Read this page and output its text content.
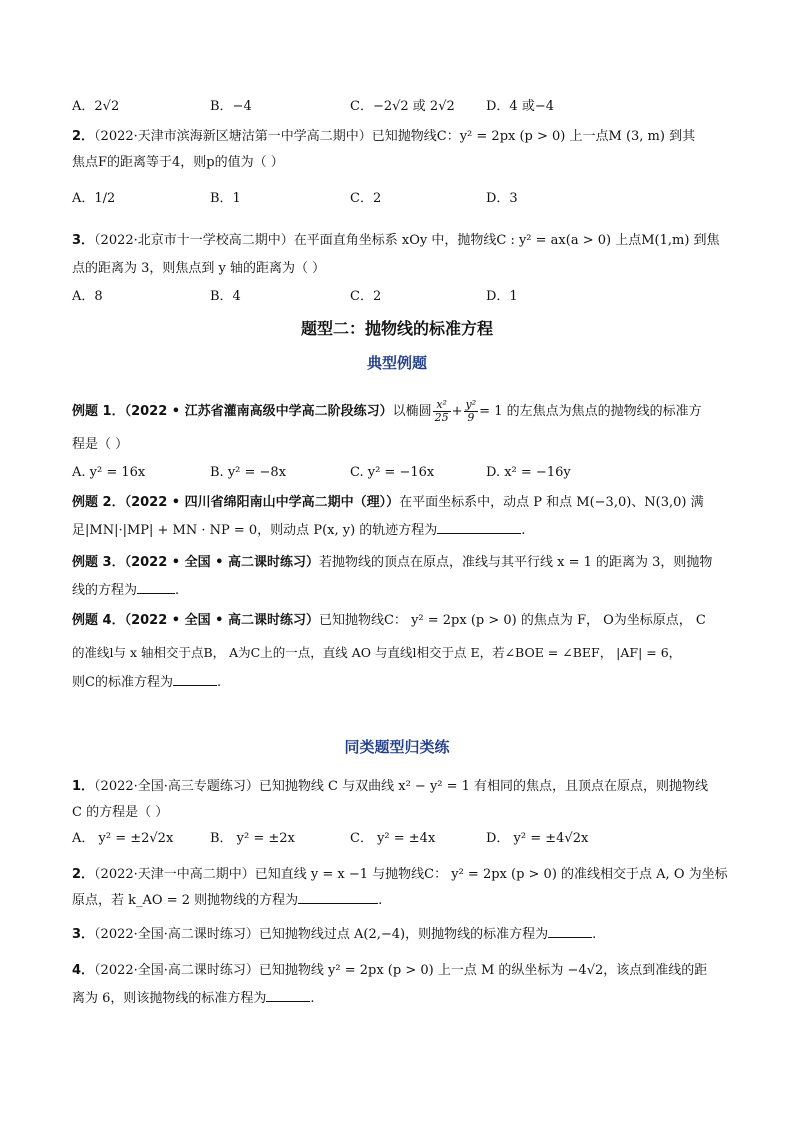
A．2√2	B．−4	C．−2√2 或 2√2 D．4 或−4
2．（2022·天津市滨海新区塘沽第一中学高二期中）已知抛物线C：y² = 2px (p > 0) 上一点M (3, m) 到其
焦点F的距离等于4，则p的值为（ ）
A．1/2	B．1	C．2	D．3
3．（2022·北京市十一学校高二期中）在平面直角坐标系 xOy 中，抛物线C : y² = ax(a > 0) 上点M(1,m) 到焦
点的距离为 3，则焦点到 y 轴的距离为（ ）
A．8	B．4	C．2	D．1
题型二：抛物线的标准方程
典型例题
例题 1．（2022 • 江苏省灌南高级中学高二阶段练习）以椭圆 $\frac{\text{x²}}{25} + \frac{\text{y²}}{9} = 1$ 的左焦点为焦点的抛物线的标准方
程是（ ）
A. y² = 16x	B. y² = −8x	C. y² = −16x	D. x² = −16y
例题 2．（2022 • 四川省绵阳南山中学高二期中（理））在平面坐标系中，动点 P 和点 M(−3,0)、N(3,0) 满
足|MN|·|MP| + MN · NP = 0，则动点 P(x, y) 的轨迹方程为	.
例题 3．（2022 • 全国 • 高二课时练习）若抛物线的顶点在原点，准线与其平行线 x = 1 的距离为 3，则抛物
线的方程为	.
例题 4．（2022 • 全国 • 高二课时练习）已知抛物线C： y² = 2px (p > 0) 的焦点为 F， O为坐标原点， C
的准线l与 x 轴相交于点B， A为C上的一点，直线 AO 与直线l相交于点 E，若∠BOE = ∠BEF， |AF| = 6，
则C的标准方程为	.
同类题型归类练
1．（2022·全国·高三专题练习）已知抛物线 C 与双曲线 x² − y² = 1 有相同的焦点，且顶点在原点，则抛物线
C 的方程是（ ）
A． y² = ±2√2x	B． y² = ±2x	C． y² = ±4x	D． y² = ±4√2x
2．（2022·天津一中高二期中）已知直线 y = x −1 与抛物线C： y² = 2px (p > 0) 的准线相交于点 A, O 为坐标
原点，若 k_AO = 2 则抛物线的方程为	.
3．（2022·全国·高二课时练习）已知抛物线过点 A(2,−4)，则抛物线的标准方程为	.
4．（2022·全国·高二课时练习）已知抛物线 y² = 2px (p > 0) 上一点 M 的纵坐标为 −4√2，该点到准线的距
离为 6，则该抛物线的标准方程为	.
